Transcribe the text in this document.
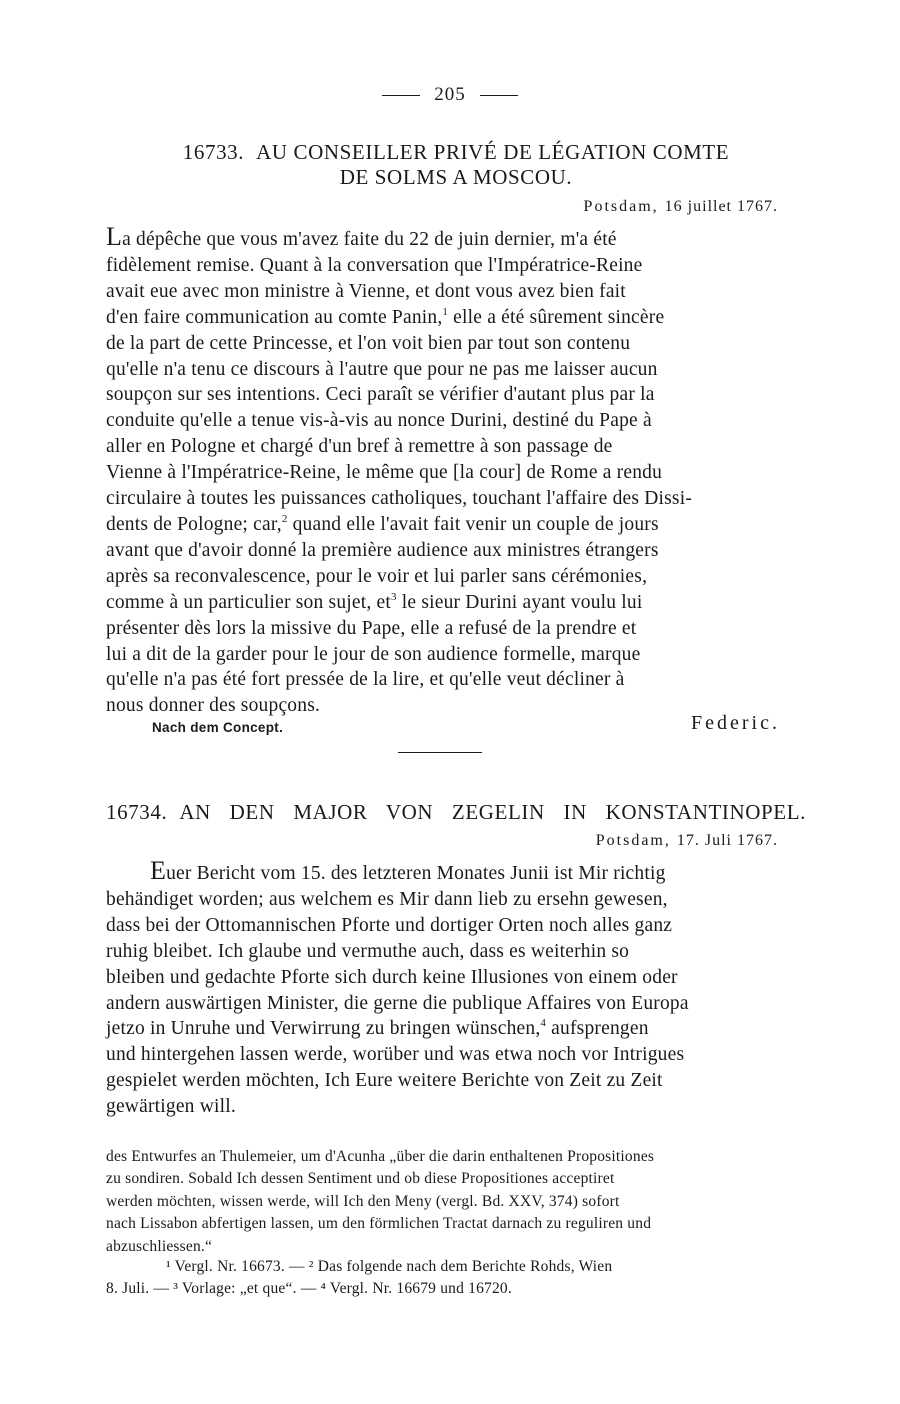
205
16733. AU CONSEILLER PRIVÉ DE LÉGATION COMTE
DE SOLMS A MOSCOU.
Potsdam, 16 juillet 1767.

La dépêche que vous m'avez faite du 22 de juin dernier, m'a été

fidèlement remise. Quant à la conversation que l'Impératrice-Reine

avait eue avec mon ministre à Vienne, et dont vous avez bien fait

d'en faire communication au comte Panin,$^1$ elle a été sûrement sincère

de la part de cette Princesse, et l'on voit bien par tout son contenu

qu'elle n'a tenu ce discours à l'autre que pour ne pas me laisser aucun

soupçon sur ses intentions. Ceci paraît se vérifier d'autant plus par la

conduite qu'elle a tenue vis-à-vis au nonce Durini, destiné du Pape à

aller en Pologne et chargé d'un bref à remettre à son passage de

Vienne à l'Impératrice-Reine, le même que [la cour] de Rome a rendu

circulaire à toutes les puissances catholiques, touchant l'affaire des Dissi-

dents de Pologne; car,$^2$ quand elle l'avait fait venir un couple de jours

avant que d'avoir donné la première audience aux ministres étrangers

après sa reconvalescence, pour le voir et lui parler sans cérémonies,

comme à un particulier son sujet, $et^3$ le sieur Durini ayant voulu lui

présenter dès lors la missive du Pape, elle a refusé de la prendre et

lui a dit de la garder pour le jour de son audience formelle, marque

qu'elle n'a pas été fort pressée de la lire, et qu'elle veut décliner à

nous donner des soupçons.

Nach dem Concept.	Federic.
16734. AN DEN MAJOR VON ZEGELIN IN KONSTANTINOPEL.
Potsdam, 17. Juli 1767.

Euer Bericht vom 15. des letzteren Monates Junii ist Mir richtig

behändiget worden; aus welchem es Mir dann lieb zu ersehn gewesen,

dass bei der Ottomannischen Pforte und dortiger Orten noch alles ganz

ruhig bleibet. Ich glaube und vermuthe auch, dass es weiterhin so

bleiben und gedachte Pforte sich durch keine Illusiones von einem oder

andern auswärtigen Minister, die gerne die publique Affaires von Europa

jetzo in Unruhe und Verwirrung zu bringen wünschen,$^4$ aufsprengen

und hintergehen lassen werde, worüber und was etwa noch vor Intrigues

gespielet werden möchten, Ich Eure weitere Berichte von Zeit zu Zeit

gewärtigen will.

des Entwurfes an Thulemeier, um d'Acunha „über die darin enthaltenen Propositiones

zu sondiren. Sobald Ich dessen Sentiment und ob diese Propositiones acceptiret

werden möchten, wissen werde, will Ich den Meny (vergl. Bd. XXV, 374) sofort

nach Lissabon abfertigen lassen, um den förmlichen Tractat darnach zu reguliren und

abzuschliessen.“

¹ Vergl. Nr. 16673. — ² Das folgende nach dem Berichte Rohds, Wien

8. Juli. — ³ Vorlage: „et que“. — ⁴ Vergl. Nr. 16679 und 16720.
